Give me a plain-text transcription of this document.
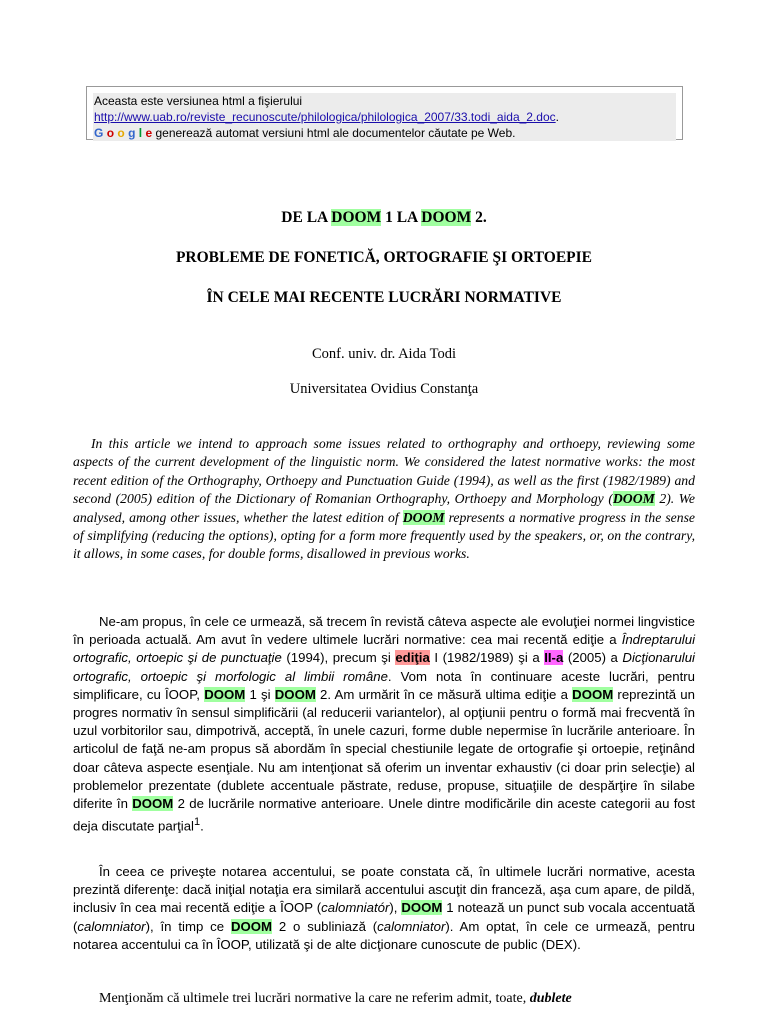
Aceasta este versiunea html a fişierului
http://www.uab.ro/reviste_recunoscute/philologica/philologica_2007/33.todi_aida_2.doc.
G o o g l e generează automat versiuni html ale documentelor căutate pe Web.
DE LA DOOM 1 LA DOOM 2.
PROBLEME DE FONETICĂ, ORTOGRAFIE ŞI ORTOEPIE
ÎN CELE MAI RECENTE LUCRĂRI NORMATIVE
Conf. univ. dr. Aida Todi
Universitatea Ovidius Constanţa
In this article we intend to approach some issues related to orthography and orthoepy, reviewing some aspects of the current development of the linguistic norm. We considered the latest normative works: the most recent edition of the Orthography, Orthoepy and Punctuation Guide (1994), as well as the first (1982/1989) and second (2005) edition of the Dictionary of Romanian Orthography, Orthoepy and Morphology (DOOM 2). We analysed, among other issues, whether the latest edition of DOOM represents a normative progress in the sense of simplifying (reducing the options), opting for a form more frequently used by the speakers, or, on the contrary, it allows, in some cases, for double forms, disallowed in previous works.
Ne-am propus, în cele ce urmează, să trecem în revistă câteva aspecte ale evoluţiei normei lingvistice în perioada actuală. Am avut în vedere ultimele lucrări normative: cea mai recentă ediţie a Îndreptarului ortografic, ortoepic şi de punctuaţie (1994), precum şi ediţia I (1982/1989) şi a II-a (2005) a Dicţionarului ortografic, ortoepic şi morfologic al limbii române. Vom nota în continuare aceste lucrări, pentru simplificare, cu ÎOOP, DOOM 1 şi DOOM 2. Am urmărit în ce măsură ultima ediţie a DOOM reprezintă un progres normativ în sensul simplificării (al reducerii variantelor), al opţiunii pentru o formă mai frecventă în uzul vorbitorilor sau, dimpotrivă, acceptă, în unele cazuri, forme duble nepermise în lucrările anterioare. În articolul de faţă ne-am propus să abordăm în special chestiunile legate de ortografie şi ortoepie, reţinând doar câteva aspecte esenţiale. Nu am intenţionat să oferim un inventar exhaustiv (ci doar prin selecţie) al problemelor prezentate (dublete accentuale păstrate, reduse, propuse, situaţiile de despărţire în silabe diferite în DOOM 2 de lucrările normative anterioare. Unele dintre modificările din aceste categorii au fost deja discutate parţial$^1$.
În ceea ce priveşte notarea accentului, se poate constata că, în ultimele lucrări normative, acesta prezintă diferenţe: dacă iniţial notaţia era similară accentului ascuţit din franceză, aşa cum apare, de pildă, inclusiv în cea mai recentă ediţie a ÎOOP (calomniatór), DOOM 1 notează un punct sub vocala accentuată (calomniator), în timp ce DOOM 2 o subliniază (calomniator). Am optat, în cele ce urmează, pentru notarea accentului ca în ÎOOP, utilizată şi de alte dicţionare cunoscute de public (DEX).
Menţionăm că ultimele trei lucrări normative la care ne referim admit, toate, dublete
